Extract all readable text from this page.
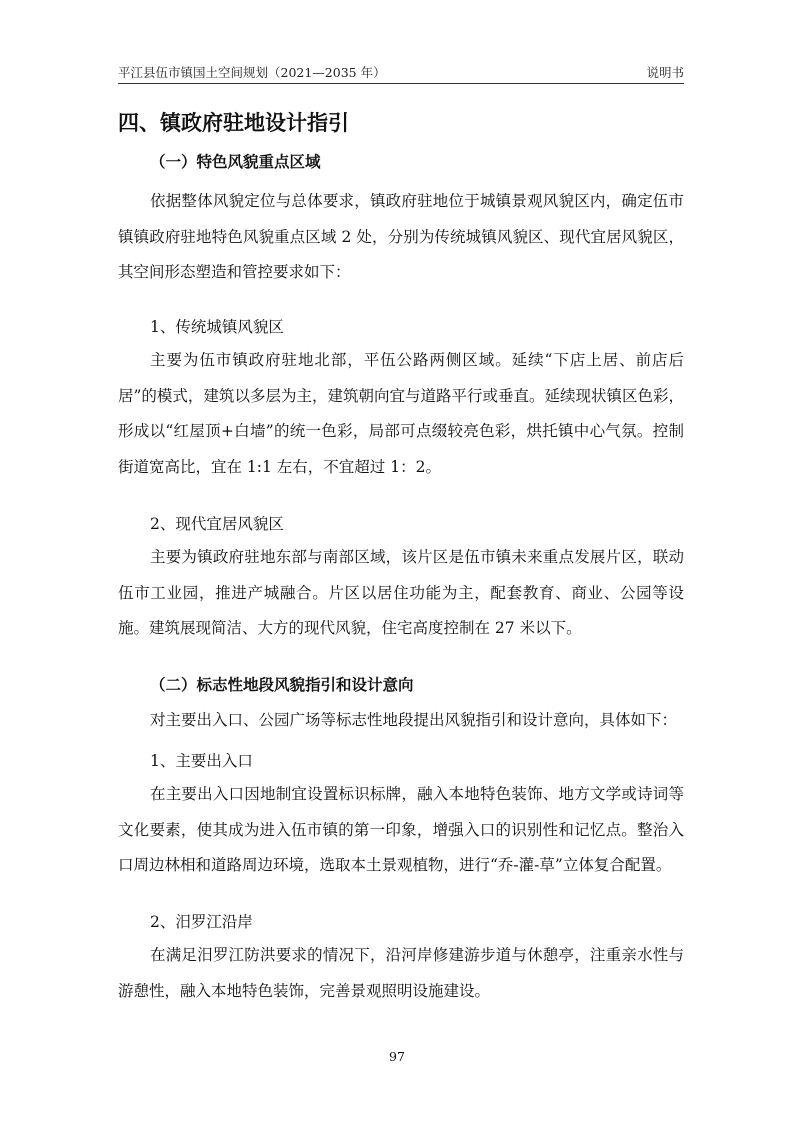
平江县伍市镇国土空间规划（2021—2035 年）	说明书
四、镇政府驻地设计指引
（一）特色风貌重点区域
依据整体风貌定位与总体要求，镇政府驻地位于城镇景观风貌区内，确定伍市镇镇政府驻地特色风貌重点区域 2 处，分别为传统城镇风貌区、现代宜居风貌区，其空间形态塑造和管控要求如下：
1、传统城镇风貌区
主要为伍市镇政府驻地北部，平伍公路两侧区域。延续“下店上居、前店后居”的模式，建筑以多层为主，建筑朝向宜与道路平行或垂直。延续现状镇区色彩，形成以“红屋顶+白墙”的统一色彩，局部可点缀较亮色彩，烘托镇中心气氛。控制街道宽高比，宜在 1:1 左右，不宜超过 1：2。
2、现代宜居风貌区
主要为镇政府驻地东部与南部区域，该片区是伍市镇未来重点发展片区，联动伍市工业园，推进产城融合。片区以居住功能为主，配套教育、商业、公园等设施。建筑展现简洁、大方的现代风貌，住宅高度控制在 27 米以下。
（二）标志性地段风貌指引和设计意向
对主要出入口、公园广场等标志性地段提出风貌指引和设计意向，具体如下：
1、主要出入口
在主要出入口因地制宜设置标识标牌，融入本地特色装饰、地方文学或诗词等文化要素，使其成为进入伍市镇的第一印象，增强入口的识别性和记忆点。整治入口周边林相和道路周边环境，选取本土景观植物，进行“乔-灌-草”立体复合配置。
2、汨罗江沿岸
在满足汨罗江防洪要求的情况下，沿河岸修建游步道与休憩亭，注重亲水性与游憩性，融入本地特色装饰，完善景观照明设施建设。
97
